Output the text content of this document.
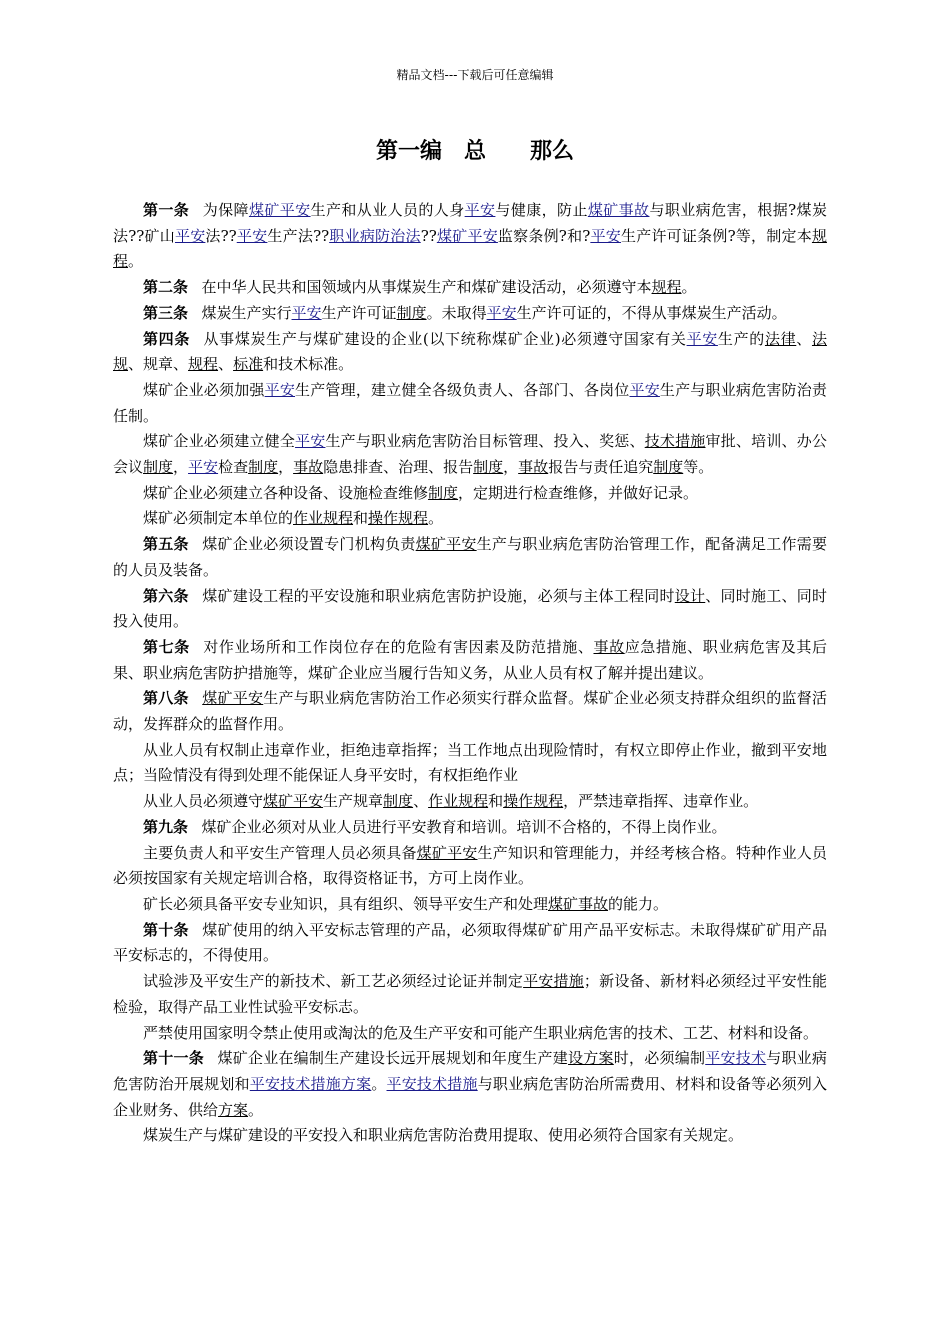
精品文档---下载后可任意编辑
第一编　总　　那么

第一条 为保障煤矿平安生产和从业人员的人身平安与健康，防止煤矿事故与职业病危害，根据?煤炭法??矿山平安法??平安生产法??职业病防治法??煤矿平安监察条例?和?平安生产许可证条例?等，制定本规程。

第二条 在中华人民共和国领域内从事煤炭生产和煤矿建设活动，必须遵守本规程。

第三条 煤炭生产实行平安生产许可证制度。未取得平安生产许可证的，不得从事煤炭生产活动。

第四条 从事煤炭生产与煤矿建设的企业(以下统称煤矿企业)必须遵守国家有关平安生产的法律、法规、规章、规程、标准和技术标准。

煤矿企业必须加强平安生产管理，建立健全各级负责人、各部门、各岗位平安生产与职业病危害防治责任制。

煤矿企业必须建立健全平安生产与职业病危害防治目标管理、投入、奖惩、技术措施审批、培训、办公会议制度，平安检查制度，事故隐患排查、治理、报告制度，事故报告与责任追究制度等。

煤矿企业必须建立各种设备、设施检查维修制度，定期进行检查维修，并做好记录。

煤矿必须制定本单位的作业规程和操作规程。

第五条 煤矿企业必须设置专门机构负责煤矿平安生产与职业病危害防治管理工作，配备满足工作需要的人员及装备。

第六条 煤矿建设工程的平安设施和职业病危害防护设施，必须与主体工程同时设计、同时施工、同时投入使用。

第七条 对作业场所和工作岗位存在的危险有害因素及防范措施、事故应急措施、职业病危害及其后果、职业病危害防护措施等，煤矿企业应当履行告知义务，从业人员有权了解并提出建议。

第八条 煤矿平安生产与职业病危害防治工作必须实行群众监督。煤矿企业必须支持群众组织的监督活动，发挥群众的监督作用。

从业人员有权制止违章作业，拒绝违章指挥；当工作地点出现险情时，有权立即停止作业，撤到平安地点；当险情没有得到处理不能保证人身平安时，有权拒绝作业

从业人员必须遵守煤矿平安生产规章制度、作业规程和操作规程，严禁违章指挥、违章作业。

第九条 煤矿企业必须对从业人员进行平安教育和培训。培训不合格的，不得上岗作业。

主要负责人和平安生产管理人员必须具备煤矿平安生产知识和管理能力，并经考核合格。特种作业人员必须按国家有关规定培训合格，取得资格证书，方可上岗作业。

矿长必须具备平安专业知识，具有组织、领导平安生产和处理煤矿事故的能力。

第十条 煤矿使用的纳入平安标志管理的产品，必须取得煤矿矿用产品平安标志。未取得煤矿矿用产品平安标志的，不得使用。

试验涉及平安生产的新技术、新工艺必须经过论证并制定平安措施；新设备、新材料必须经过平安性能检验，取得产品工业性试验平安标志。

严禁使用国家明令禁止使用或淘汰的危及生产平安和可能产生职业病危害的技术、工艺、材料和设备。

第十一条 煤矿企业在编制生产建设长远开展规划和年度生产建设方案时，必须编制平安技术与职业病危害防治开展规划和平安技术措施方案。平安技术措施与职业病危害防治所需费用、材料和设备等必须列入企业财务、供给方案。

煤炭生产与煤矿建设的平安投入和职业病危害防治费用提取、使用必须符合国家有关规定。
